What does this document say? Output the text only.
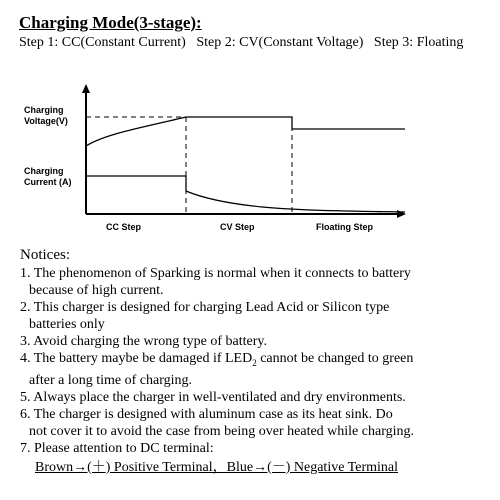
Charging Mode(3-stage):
Step 1: CC(Constant Current) Step 2: CV(Constant Voltage) Step 3: Floating
Charging
Voltage(V)
Charging
Current (A)
CC Step	CV Step	Floating Step
Notices:
1. The phenomenon of Sparking is normal when it connects to battery
because of high current.
2. This charger is designed for charging Lead Acid or Silicon type
batteries only
3. Avoid charging the wrong type of battery.
4. The battery maybe be damaged if $LED_2$ cannot be changed to green
after a long time of charging.
5. Always place the charger in well-ventilated and dry environments.
6. The charger is designed with aluminum case as its heat sink. Do
not cover it to avoid the case from being over heated while charging.
7. Please attention to DC terminal:
Brown→(＋) Positive Terminal，Blue→(－) Negative Terminal
